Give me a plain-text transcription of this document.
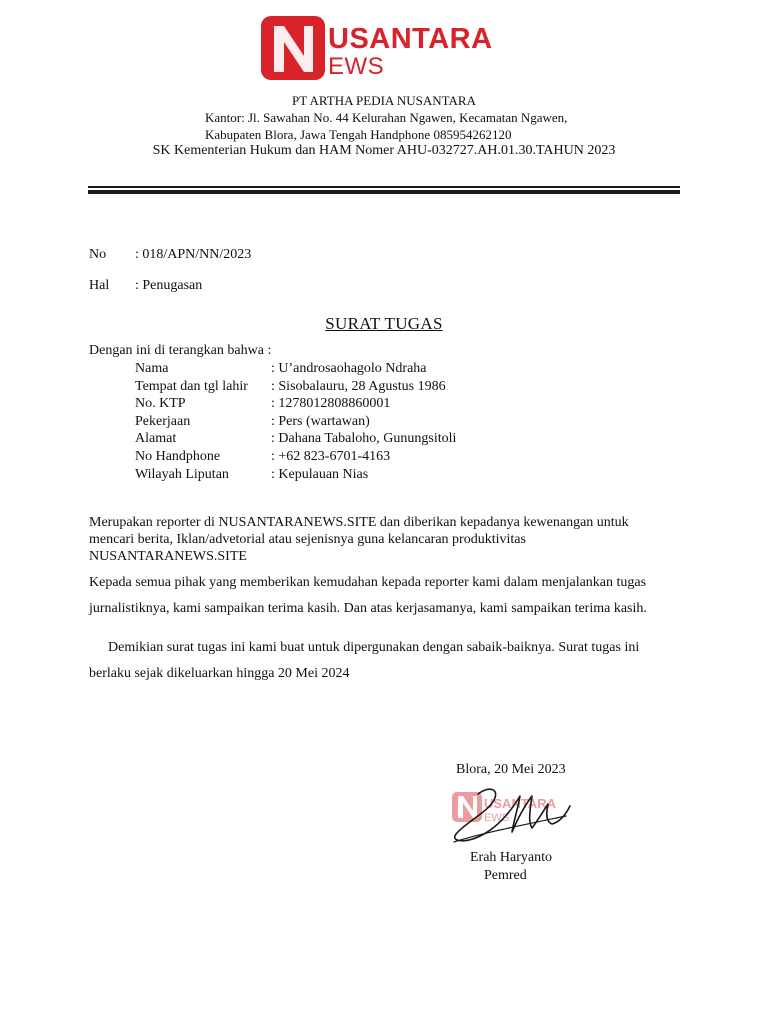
USANTARA
EWS
PT ARTHA PEDIA NUSANTARA
Kantor: Jl. Sawahan No. 44 Kelurahan Ngawen, Kecamatan Ngawen,
Kabupaten Blora, Jawa Tengah Handphone 085954262120
SK Kementerian Hukum dan HAM Nomer AHU-032727.AH.01.30.TAHUN 2023
No : 018/APN/NN/2023
Hal : Penugasan
SURAT TUGAS
Dengan ini di terangkan bahwa :
Nama	: U’androsaohagolo Ndraha
Tempat dan tgl lahir : Sisobalauru, 28 Agustus 1986
No. KTP	: 1278012808860001
Pekerjaan	: Pers (wartawan)
Alamat	: Dahana Tabaloho, Gunungsitoli
No Handphone	: +62 823-6701-4163
Wilayah Liputan	: Kepulauan Nias
Merupakan reporter di NUSANTARANEWS.SITE dan diberikan kepadanya kewenangan untuk
mencari berita, Iklan/advetorial atau sejenisnya guna kelancaran produktivitas
NUSANTARANEWS.SITE
Kepada semua pihak yang memberikan kemudahan kepada reporter kami dalam menjalankan tugas
jurnalistiknya, kami sampaikan terima kasih. Dan atas kerjasamanya, kami sampaikan terima kasih.
Demikian surat tugas ini kami buat untuk dipergunakan dengan sabaik-baiknya. Surat tugas ini
berlaku sejak dikeluarkan hingga 20 Mei 2024
Blora, 20 Mei 2023
USANTARA
EWS
Erah Haryanto
Pemred
